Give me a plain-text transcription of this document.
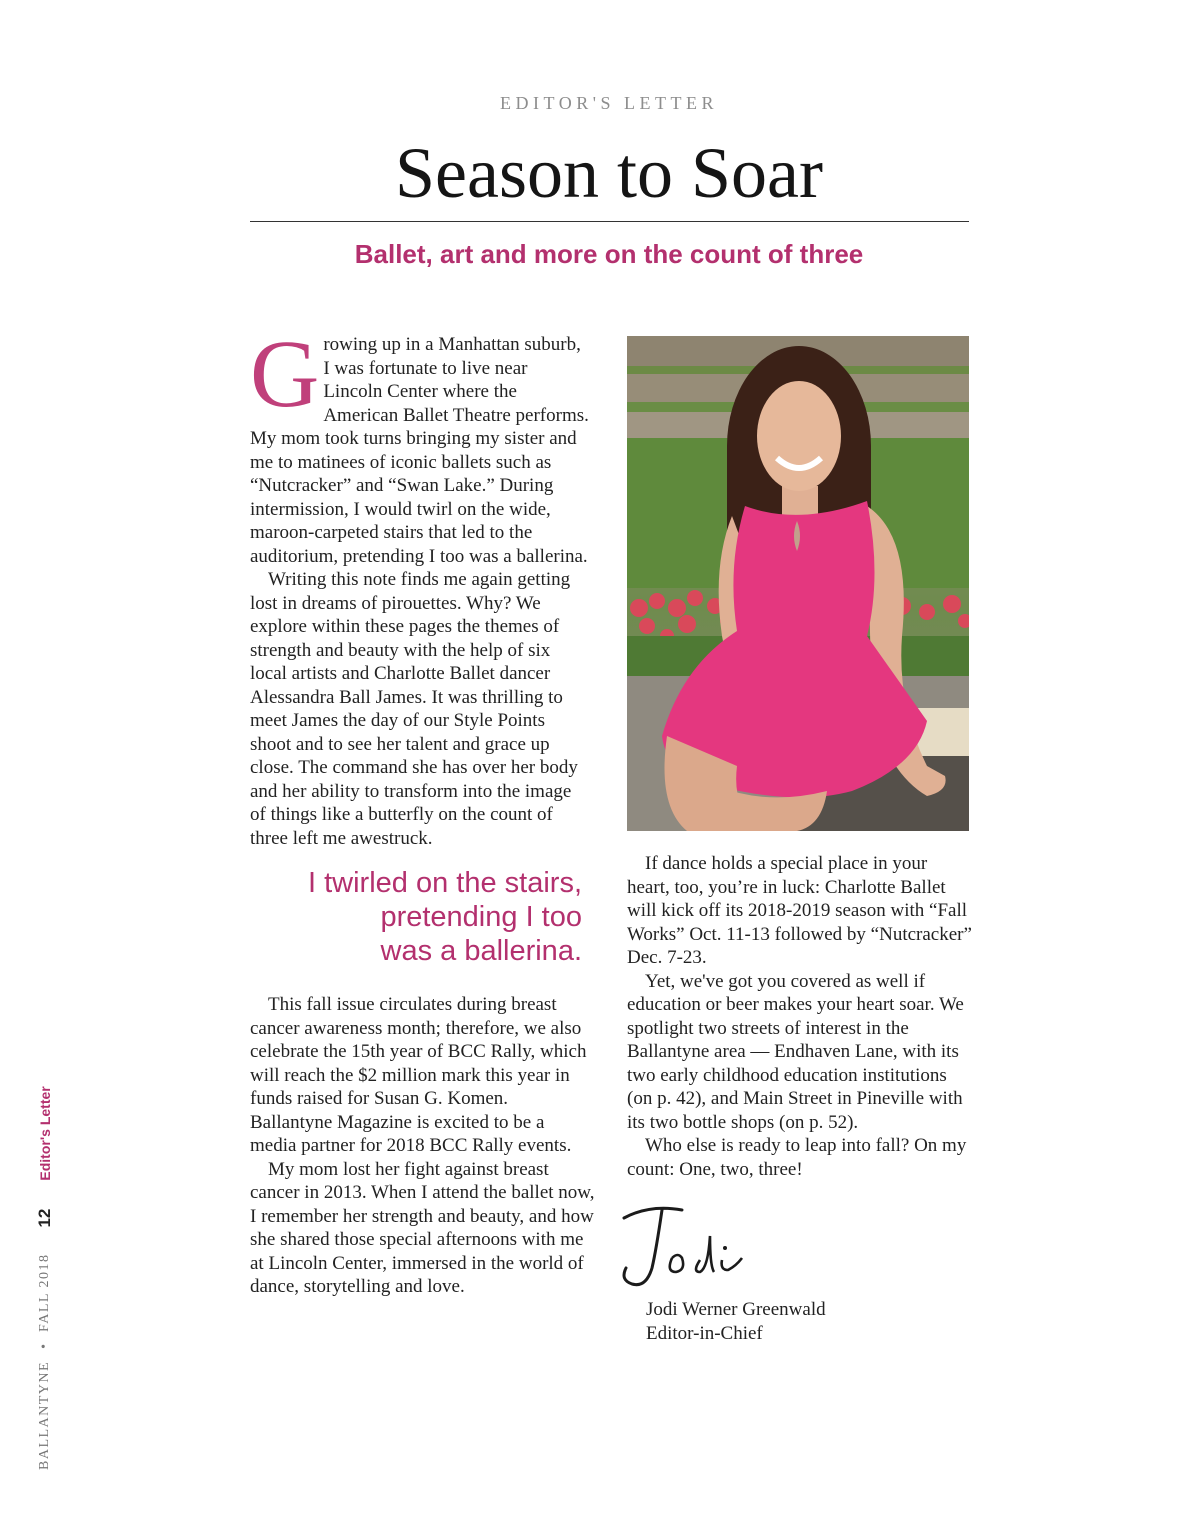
EDITOR'S LETTER
Season to Soar
Ballet, art and more on the count of three

Growing up in a Manhattan suburb, I was fortunate to live near Lincoln Center where the American Ballet Theatre performs. My mom took turns bringing my sister and me to matinees of iconic ballets such as “Nutcracker” and “Swan Lake.” During intermission, I would twirl on the wide, maroon-carpeted stairs that led to the auditorium, pretending I too was a ballerina.

Writing this note finds me again getting lost in dreams of pirouettes. Why? We explore within these pages the themes of strength and beauty with the help of six local artists and Charlotte Ballet dancer Alessandra Ball James. It was thrilling to meet James the day of our Style Points shoot and to see her talent and grace up close. The command she has over her body and her ability to transform into the image of things like a butterfly on the count of three left me awestruck.

I twirled on the stairs,
pretending I too
was a ballerina.

This fall issue circulates during breast cancer awareness month; therefore, we also celebrate the 15th year of BCC Rally, which will reach the $2 million mark this year in funds raised for Susan G. Komen. Ballantyne Magazine is excited to be a media partner for 2018 BCC Rally events.

My mom lost her fight against breast cancer in 2013. When I attend the ballet now, I remember her strength and beauty, and how she shared those special afternoons with me at Lincoln Center, immersed in the world of dance, storytelling and love.

If dance holds a special place in your heart, too, you’re in luck: Charlotte Ballet will kick off its 2018-2019 season with “Fall Works” Oct. 11-13 followed by “Nutcracker” Dec. 7-23.

Yet, we've got you covered as well if education or beer makes your heart soar. We spotlight two streets of interest in the Ballantyne area — Endhaven Lane, with its two early childhood education institutions (on p. 42), and Main Street in Pineville with its two bottle shops (on p. 52).

Who else is ready to leap into fall? On my count: One, two, three!

Jodi Werner Greenwald
Editor-in-Chief
BALLANTYNE
•
FALL 2018
12
Editor's Letter
